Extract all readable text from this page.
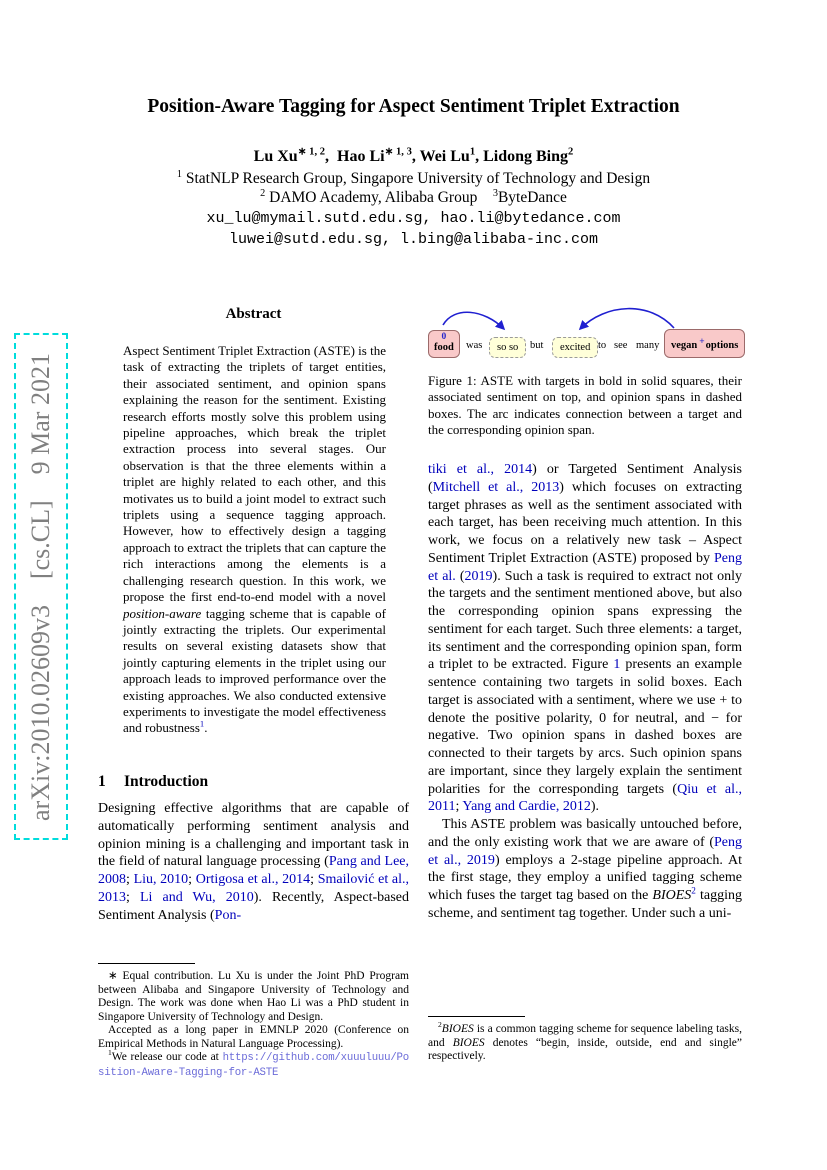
arXiv:2010.02609v3  [cs.CL]  9 Mar 2021
Position-Aware Tagging for Aspect Sentiment Triplet Extraction
Lu $Xu^{∗ 1, 2}$, Hao $Li^{∗ 1, 3}$, Wei Lu$^1$, Lidong Bing$^2$
$^1$ StatNLP Research Group, Singapore University of Technology and Design
$^2$ DAMO Academy, Alibaba Group  $^3$ByteDance
xu_lu@mymail.sutd.edu.sg, hao.li@bytedance.com
luwei@sutd.edu.sg, l.bing@alibaba-inc.com
Abstract

Aspect Sentiment Triplet Extraction (ASTE) is the task of extracting the triplets of target entities, their associated sentiment, and opinion spans explaining the reason for the sentiment. Existing research efforts mostly solve this problem using pipeline approaches, which break the triplet extraction process into several stages. Our observation is that the three elements within a triplet are highly related to each other, and this motivates us to build a joint model to extract such triplets using a sequence tagging approach. However, how to effectively design a tagging approach to extract the triplets that can capture the rich interactions among the elements is a challenging research question. In this work, we propose the first end-to-end model with a novel position-aware tagging scheme that is capable of jointly extracting the triplets. Our experimental results on several existing datasets show that jointly capturing elements in the triplet using our approach leads to improved performance over the existing approaches. We also conducted extensive experiments to investigate the model effectiveness and robustness$^1$.

1 Introduction

Designing effective algorithms that are capable of automatically performing sentiment analysis and opinion mining is a challenging and important task in the field of natural language processing (Pang and Lee, 2008; Liu, 2010; Ortigosa et al., 2014; Smailović et al., 2013; Li and Wu, 2010). Recently, Aspect-based Sentiment Analysis (Pon-

0
food was	so so	but	excited to see many	vegan +options

Figure 1: ASTE with targets in bold in solid squares, their associated sentiment on top, and opinion spans in dashed boxes. The arc indicates connection between a target and the corresponding opinion span.

tiki et al., 2014) or Targeted Sentiment Analysis (Mitchell et al., 2013) which focuses on extracting target phrases as well as the sentiment associated with each target, has been receiving much attention. In this work, we focus on a relatively new task – Aspect Sentiment Triplet Extraction (ASTE) proposed by Peng et al. (2019). Such a task is required to extract not only the targets and the sentiment mentioned above, but also the corresponding opinion spans expressing the sentiment for each target. Such three elements: a target, its sentiment and the corresponding opinion span, form a triplet to be extracted. Figure 1 presents an example sentence containing two targets in solid boxes. Each target is associated with a sentiment, where we use + to denote the positive polarity, 0 for neutral, and − for negative. Two opinion spans in dashed boxes are connected to their targets by arcs. Such opinion spans are important, since they largely explain the sentiment polarities for the corresponding targets (Qiu et al., 2011; Yang and Cardie, 2012).

This ASTE problem was basically untouched before, and the only existing work that we are aware of (Peng et al., 2019) employs a 2-stage pipeline approach. At the first stage, they employ a unified tagging scheme which fuses the target tag based on the BIOES$^2$ tagging scheme, and sentiment tag together. Under such a uni-

∗ Equal contribution. Lu Xu is under the Joint PhD Program between Alibaba and Singapore University of Technology and Design. The work was done when Hao Li was a PhD student in Singapore University of Technology and Design.

Accepted as a long paper in EMNLP 2020 (Conference on Empirical Methods in Natural Language Processing).

$^1$We release our code at https://github.com/xuuuluuu/Position-Aware-Tagging-for-ASTE

$^2$BIOES is a common tagging scheme for sequence labeling tasks, and BIOES denotes “begin, inside, outside, end and single” respectively.
